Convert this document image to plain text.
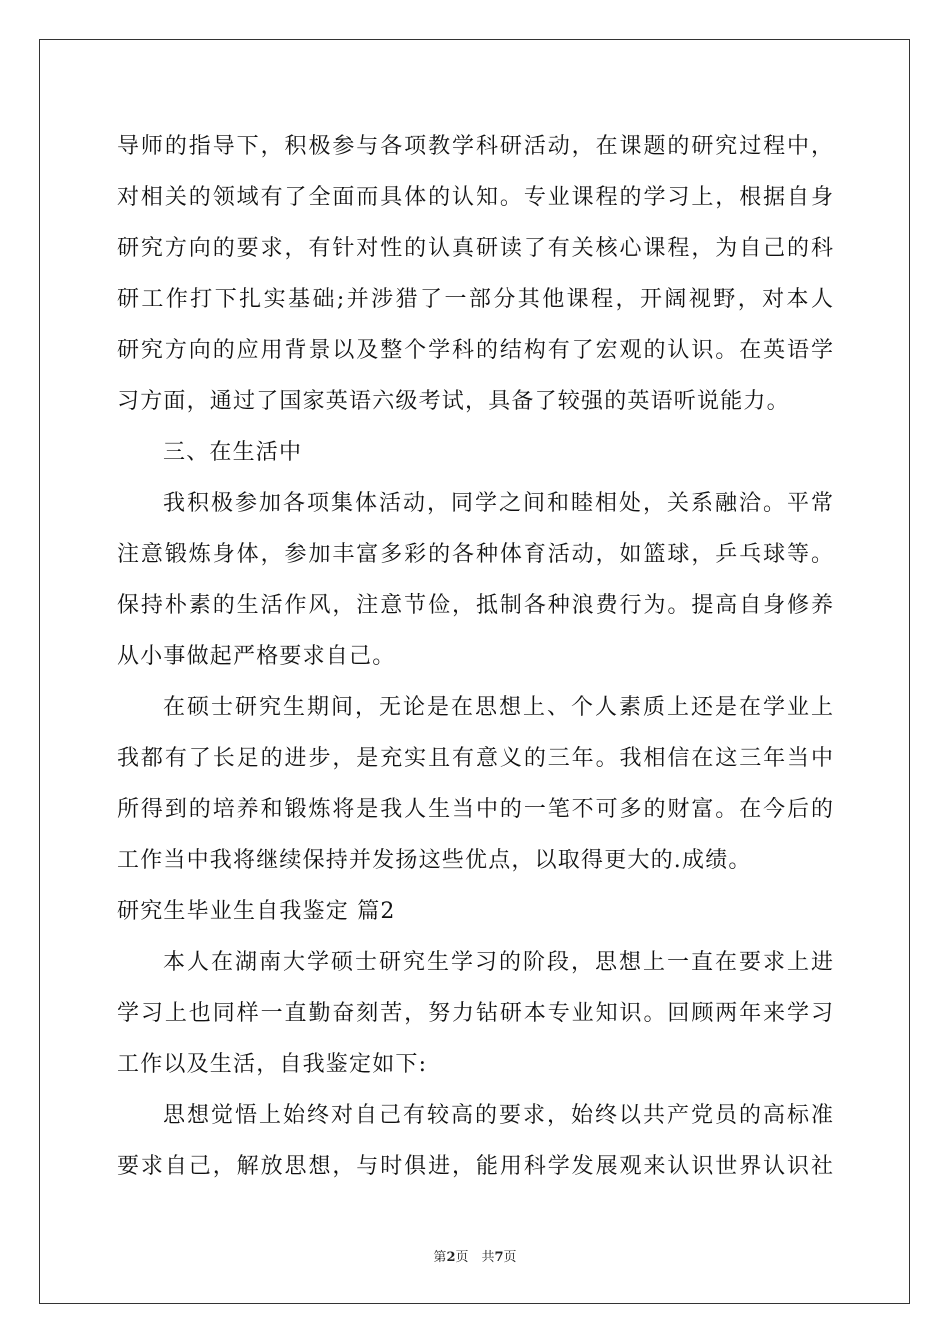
导师的指导下，积极参与各项教学科研活动，在课题的研究过程中，
对相关的领域有了全面而具体的认知。专业课程的学习上，根据自身
研究方向的要求，有针对性的认真研读了有关核心课程，为自己的科
研工作打下扎实基础;并涉猎了一部分其他课程，开阔视野，对本人
研究方向的应用背景以及整个学科的结构有了宏观的认识。在英语学
习方面，通过了国家英语六级考试，具备了较强的英语听说能力。
三、在生活中
我积极参加各项集体活动，同学之间和睦相处，关系融洽。平常
注意锻炼身体，参加丰富多彩的各种体育活动，如篮球，乒乓球等。
保持朴素的生活作风，注意节俭，抵制各种浪费行为。提高自身修养
从小事做起严格要求自己。
在硕士研究生期间，无论是在思想上、个人素质上还是在学业上
我都有了长足的进步，是充实且有意义的三年。我相信在这三年当中
所得到的培养和锻炼将是我人生当中的一笔不可多的财富。在今后的
工作当中我将继续保持并发扬这些优点，以取得更大的.成绩。
研究生毕业生自我鉴定 篇2
本人在湖南大学硕士研究生学习的阶段，思想上一直在要求上进
学习上也同样一直勤奋刻苦，努力钻研本专业知识。回顾两年来学习
工作以及生活，自我鉴定如下:
思想觉悟上始终对自己有较高的要求，始终以共产党员的高标准
要求自己，解放思想，与时俱进，能用科学发展观来认识世界认识社
第2页　共7页
